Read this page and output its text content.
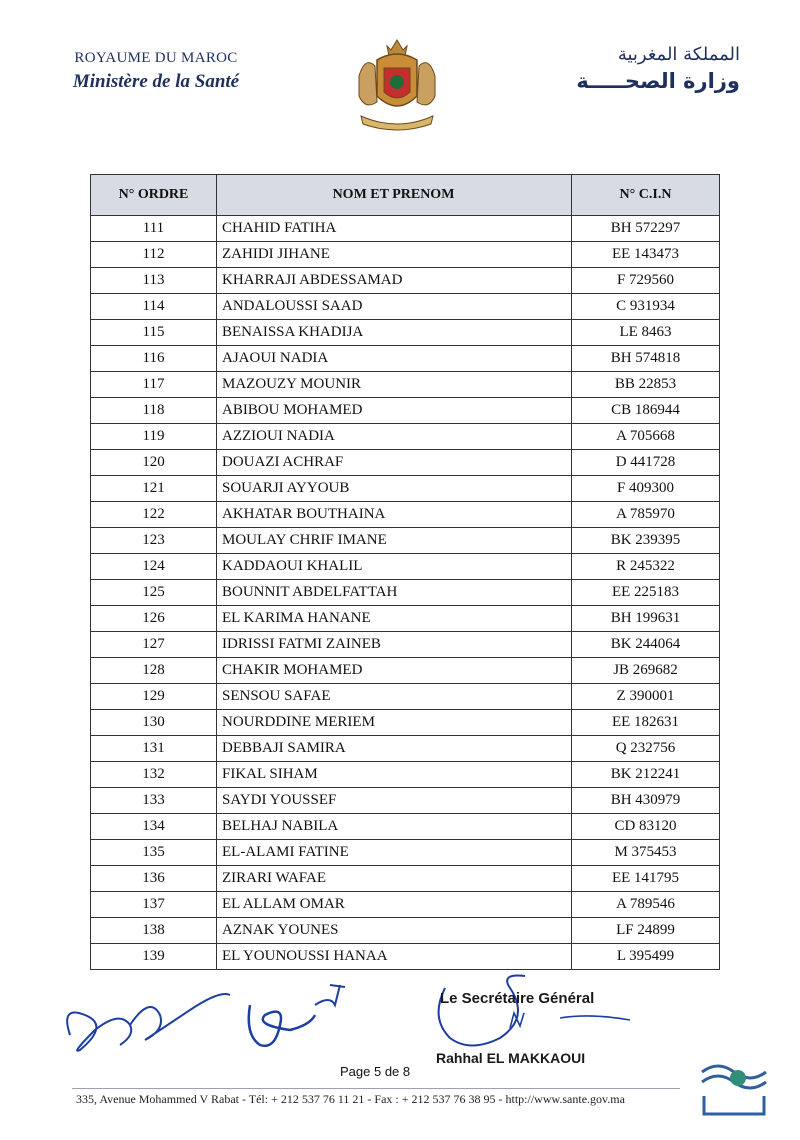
ROYAUME DU MAROC
Ministère de la Santé
المملكة المغربية
وزارة الصحـــــة
N° ORDRE	NOM ET PRENOM	N° C.I.N
111	CHAHID FATIHA	BH 572297
112	ZAHIDI JIHANE	EE 143473
113	KHARRAJI ABDESSAMAD	F 729560
114	ANDALOUSSI SAAD	C 931934
115	BENAISSA KHADIJA	LE 8463
116	AJAOUI NADIA	BH 574818
117	MAZOUZY MOUNIR	BB 22853
118	ABIBOU MOHAMED	CB 186944
119	AZZIOUI NADIA	A 705668
120	DOUAZI ACHRAF	D 441728
121	SOUARJI AYYOUB	F 409300
122	AKHATAR BOUTHAINA	A 785970
123	MOULAY CHRIF IMANE	BK 239395
124	KADDAOUI KHALIL	R 245322
125	BOUNNIT ABDELFATTAH	EE 225183
126	EL KARIMA HANANE	BH 199631
127	IDRISSI FATMI ZAINEB	BK 244064
128	CHAKIR MOHAMED	JB 269682
129	SENSOU SAFAE	Z 390001
130	NOURDDINE MERIEM	EE 182631
131	DEBBAJI SAMIRA	Q 232756
132	FIKAL SIHAM	BK 212241
133	SAYDI YOUSSEF	BH 430979
134	BELHAJ NABILA	CD 83120
135	EL-ALAMI FATINE	M 375453
136	ZIRARI WAFAE	EE 141795
137	EL ALLAM OMAR	A 789546
138	AZNAK YOUNES	LF 24899
139	EL YOUNOUSSI HANAA	L 395499
Le Secrétaire Général
Rahhal EL MAKKAOUI
Page 5 de 8
335, Avenue Mohammed V Rabat - Tél: + 212 537 76 11 21 - Fax : + 212 537 76 38 95 - http://www.sante.gov.ma
